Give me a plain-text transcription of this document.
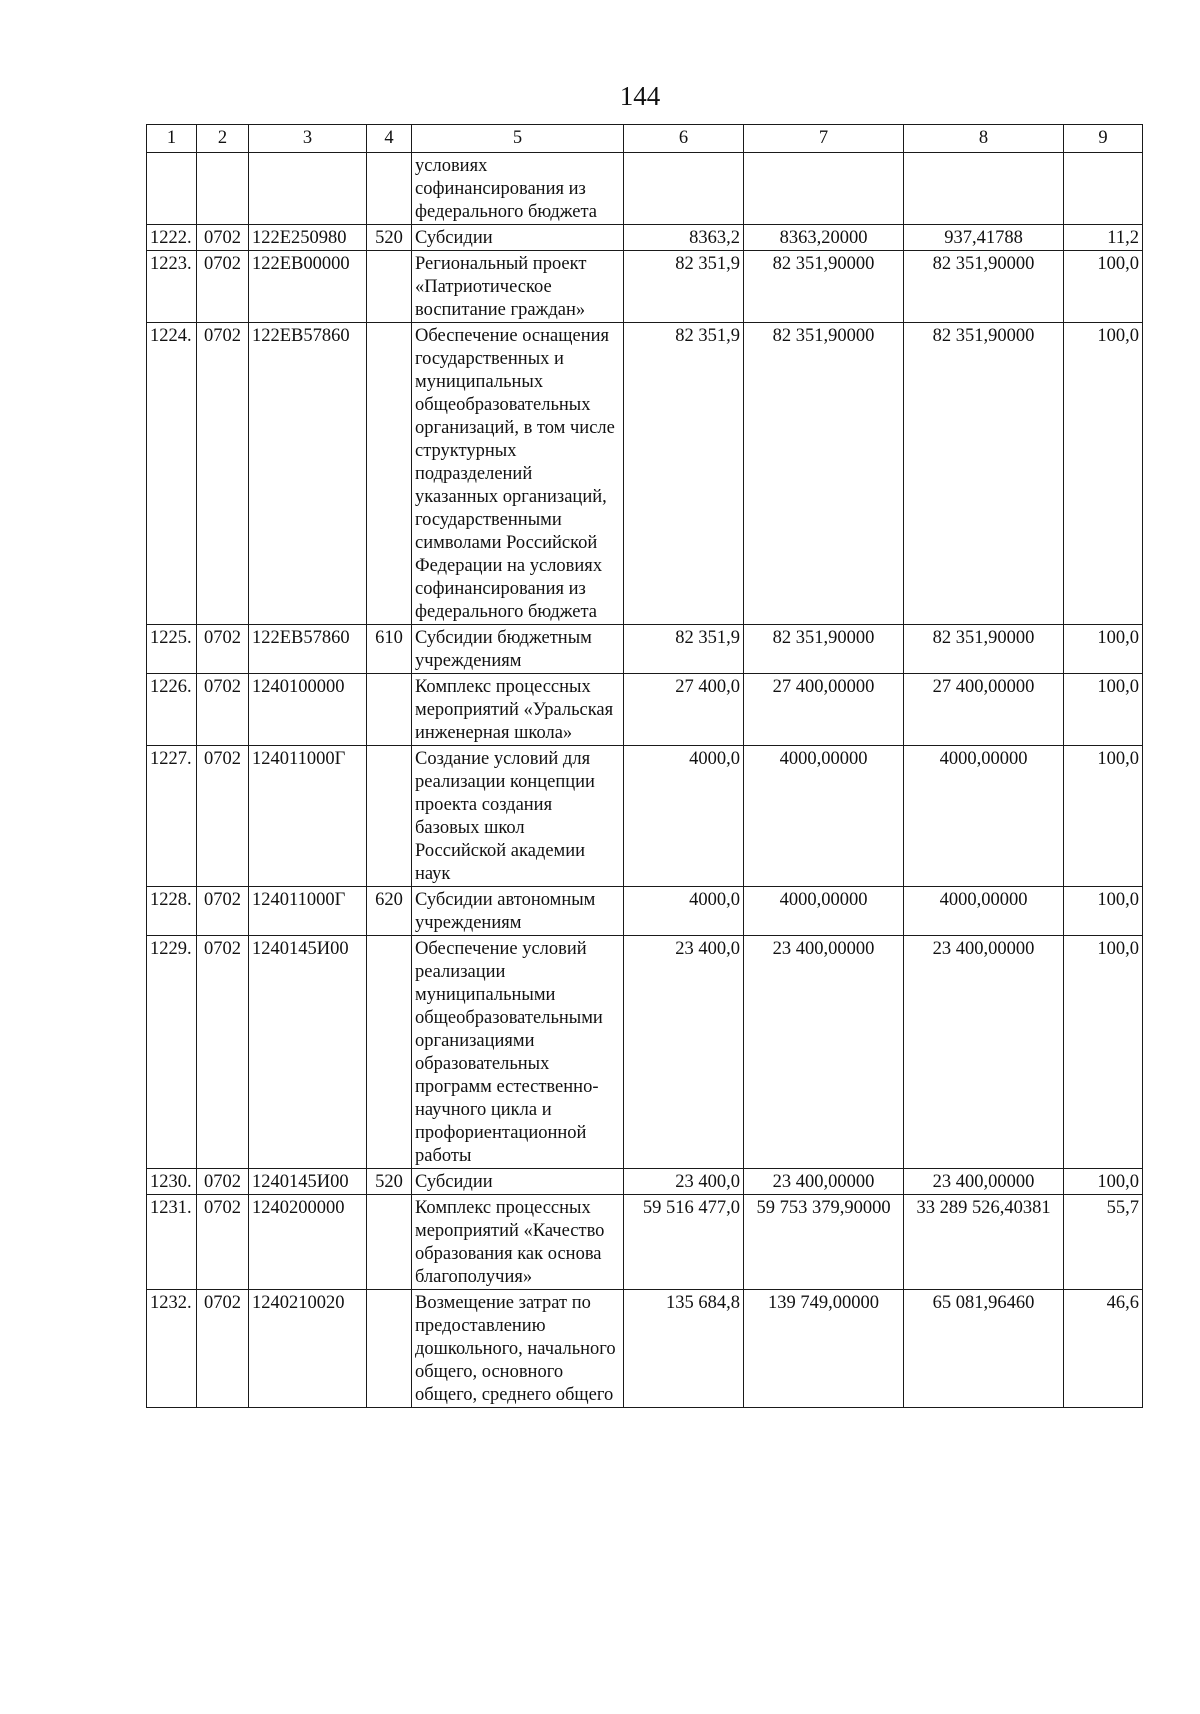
144
1	2	3	4	5	6	7	8	9
				условиях софинансирования из федерального бюджета				
1222.	0702	122E250980	520	Субсидии	8363,2	8363,20000	937,41788	11,2
1223.	0702	122EB00000		Региональный проект «Патриотическое воспитание граждан»	82 351,9	82 351,90000	82 351,90000	100,0
1224.	0702	122EB57860		Обеспечение оснащения государственных и муниципальных общеобразовательных организаций, в том числе структурных подразделений указанных организаций, государственными символами Российской Федерации на условиях софинансирования из федерального бюджета	82 351,9	82 351,90000	82 351,90000	100,0
1225.	0702	122EB57860	610	Субсидии бюджетным учреждениям	82 351,9	82 351,90000	82 351,90000	100,0
1226.	0702	1240100000		Комплекс процессных мероприятий «Уральская инженерная школа»	27 400,0	27 400,00000	27 400,00000	100,0
1227.	0702	124011000Г		Создание условий для реализации концепции проекта создания базовых школ Российской академии наук	4000,0	4000,00000	4000,00000	100,0
1228.	0702	124011000Г	620	Субсидии автономным учреждениям	4000,0	4000,00000	4000,00000	100,0
1229.	0702	1240145И00		Обеспечение условий реализации муниципальными общеобразовательными организациями образовательных программ естественно-научного цикла и профориентационной работы	23 400,0	23 400,00000	23 400,00000	100,0
1230.	0702	1240145И00	520	Субсидии	23 400,0	23 400,00000	23 400,00000	100,0
1231.	0702	1240200000		Комплекс процессных мероприятий «Качество образования как основа благополучия»	59 516 477,0	59 753 379,90000	33 289 526,40381	55,7
1232.	0702	1240210020		Возмещение затрат по предоставлению дошкольного, начального общего, основного общего, среднего общего	135 684,8	139 749,00000	65 081,96460	46,6
